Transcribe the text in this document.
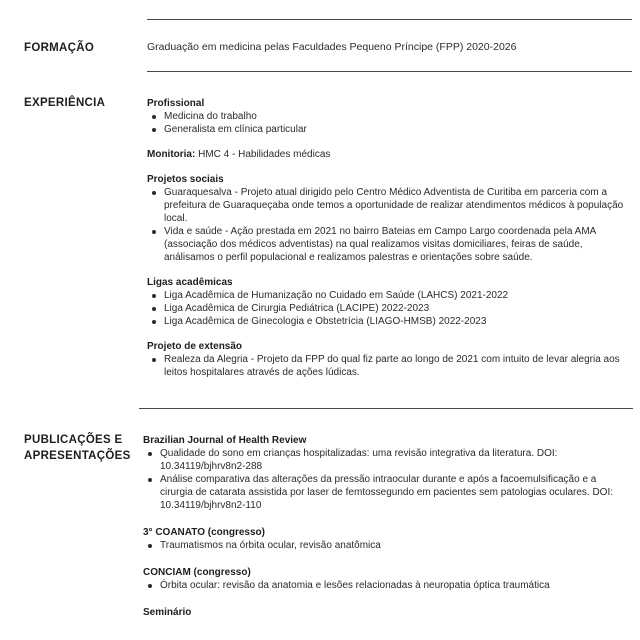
FORMAÇÃO	Graduação em medicina pelas Faculdades Pequeno Príncipe (FPP) 2020-2026
EXPERIÊNCIA	Profissional
Medicina do trabalho
Generalista em clínica particular
Monitoria: HMC 4 - Habilidades médicas
Projetos sociais
Guaraquesalva - Projeto atual dirigido pelo Centro Médico Adventista de Curitiba em parceria com a prefeitura de Guaraqueçaba onde temos a oportunidade de realizar atendimentos médicos à população local.
Vida e saúde - Ação prestada em 2021 no bairro Bateias em Campo Largo coordenada pela AMA (associação dos médicos adventistas) na qual realizamos visitas domiciliares, feiras de saúde, análisamos o perfil populacional e realizamos palestras e orientações sobre saúde.
Ligas acadêmicas
Liga Acadêmica de Humanização no Cuidado em Saúde (LAHCS) 2021-2022
Liga Acadêmica de Cirurgia Pediátrica (LACIPE) 2022-2023
Liga Acadêmica de Ginecologia e Obstetrícia (LIAGO-HMSB) 2022-2023
Projeto de extensão
Realeza da Alegria - Projeto da FPP do qual fiz parte ao longo de 2021 com intuito de levar alegria aos leitos hospitalares através de ações lúdicas.
PUBLICAÇÕES E
APRESENTAÇÕES
Brazilian Journal of Health Review
Qualidade do sono em crianças hospitalizadas: uma revisão integrativa da literatura. DOI: 10.34119/bjhrv8n2-288
Análise comparativa das alterações da pressão intraocular durante e após a facoemulsificação e a cirurgia de catarata assistida por laser de femtossegundo em pacientes sem patologias oculares. DOI: 10.34119/bjhrv8n2-110
3° COANATO (congresso)
Traumatismos na órbita ocular, revisão anatômica
CONCIAM (congresso)
Órbita ocular: revisão da anatomia e lesões relacionadas à neuropatia óptica traumática
Seminário
